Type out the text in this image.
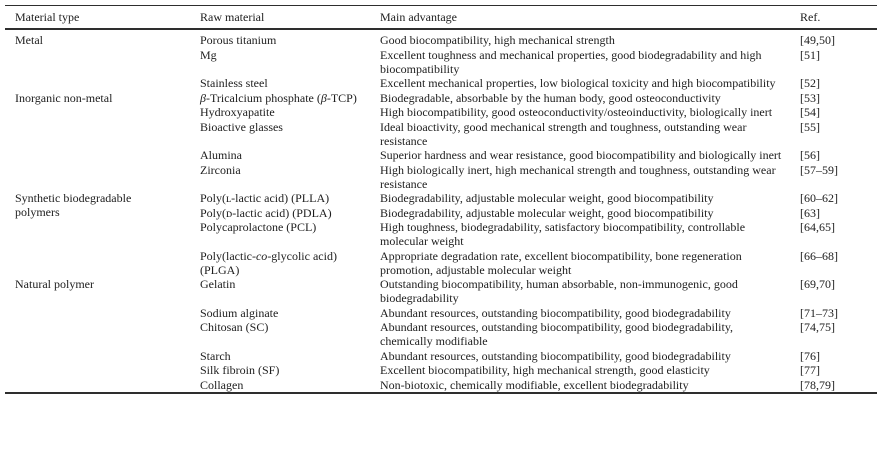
Material type	Raw material	Main advantage	Ref.
Metal	Porous titanium	Good biocompatibility, high mechanical strength	[49,50]
	Mg	Excellent toughness and mechanical properties, good biodegradability and high biocompatibility	[51]
	Stainless steel	Excellent mechanical properties, low biological toxicity and high biocompatibility	[52]
Inorganic non-metal	β-Tricalcium phosphate (β-TCP)	Biodegradable, absorbable by the human body, good osteoconductivity	[53]
	Hydroxyapatite	High biocompatibility, good osteoconductivity/osteoinductivity, biologically inert	[54]
	Bioactive glasses	Ideal bioactivity, good mechanical strength and toughness, outstanding wear resistance	[55]
	Alumina	Superior hardness and wear resistance, good biocompatibility and biologically inert	[56]
	Zirconia	High biologically inert, high mechanical strength and toughness, outstanding wear resistance	[57–59]
Synthetic biodegradable polymers	Poly(ʟ-lactic acid) (PLLA)	Biodegradability, adjustable molecular weight, good biocompatibility	[60–62]
	Poly(ᴅ-lactic acid) (PDLA)	Biodegradability, adjustable molecular weight, good biocompatibility	[63]
	Polycaprolactone (PCL)	High toughness, biodegradability, satisfactory biocompatibility, controllable molecular weight	[64,65]
	Poly(lactic-co-glycolic acid) (PLGA)	Appropriate degradation rate, excellent biocompatibility, bone regeneration promotion, adjustable molecular weight	[66–68]
Natural polymer	Gelatin	Outstanding biocompatibility, human absorbable, non-immunogenic, good biodegradability	[69,70]
	Sodium alginate	Abundant resources, outstanding biocompatibility, good biodegradability	[71–73]
	Chitosan (SC)	Abundant resources, outstanding biocompatibility, good biodegradability, chemically modifiable	[74,75]
	Starch	Abundant resources, outstanding biocompatibility, good biodegradability	[76]
	Silk fibroin (SF)	Excellent biocompatibility, high mechanical strength, good elasticity	[77]
	Collagen	Non-biotoxic, chemically modifiable, excellent biodegradability	[78,79]
